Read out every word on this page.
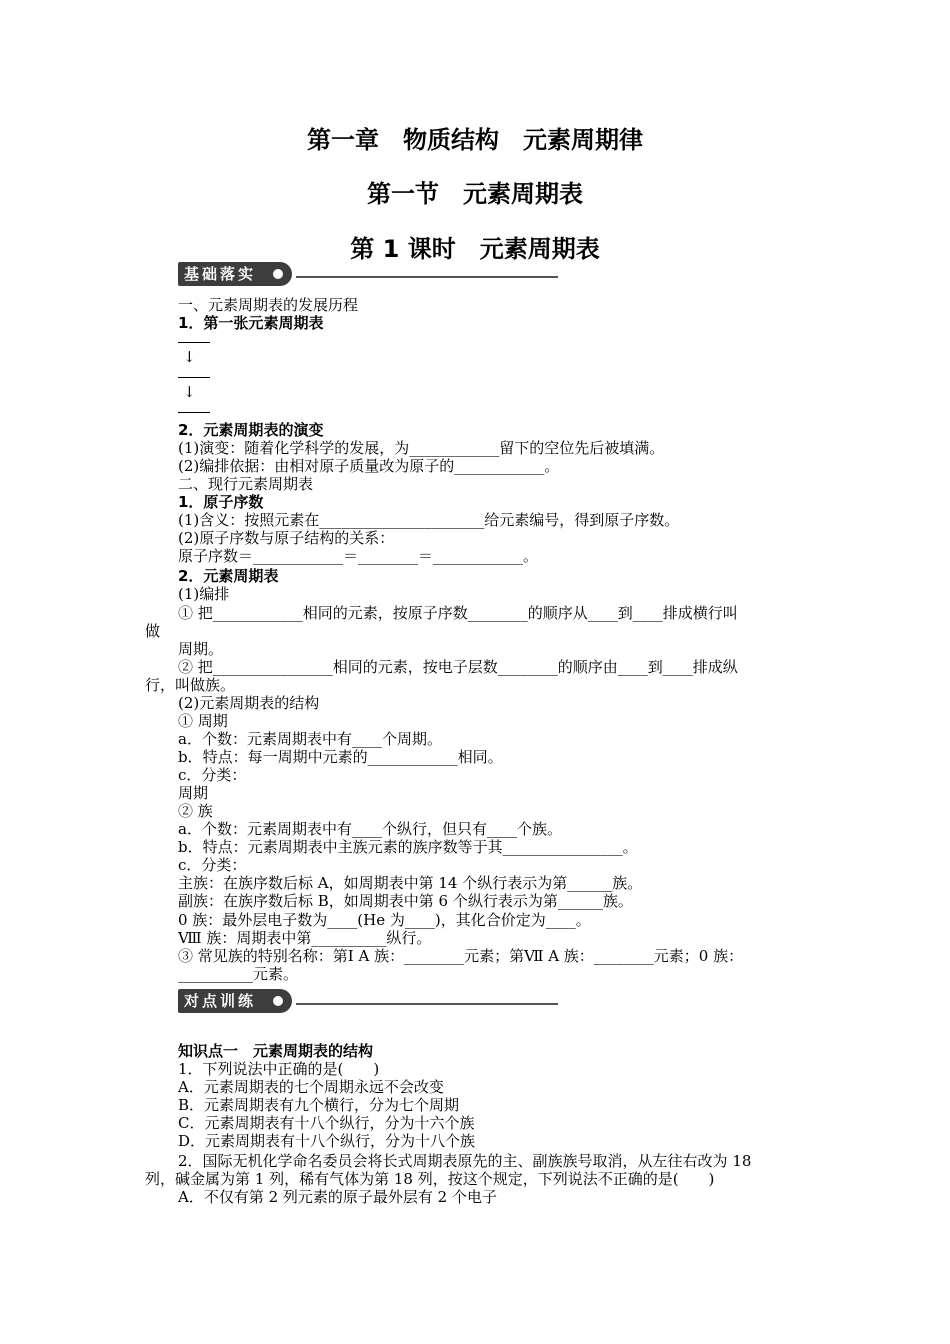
第一章　物质结构　元素周期律
第一节　元素周期表
第 1 课时　元素周期表
基础落实
一、元素周期表的发展历程
1．第一张元素周期表
↓
↓
2．元素周期表的演变
(1)演变：随着化学科学的发展，为____________留下的空位先后被填满。
(2)编排依据：由相对原子质量改为原子的____________。
二、现行元素周期表
1．原子序数
(1)含义：按照元素在______________________给元素编号，得到原子序数。
(2)原子序数与原子结构的关系：
原子序数＝____________＝________＝____________。
2．元素周期表
(1)编排
① 把____________相同的元素，按原子序数________的顺序从____到____排成横行叫
做
周期。
② 把________________相同的元素，按电子层数________的顺序由____到____排成纵
行，叫做族。
(2)元素周期表的结构
① 周期
a．个数：元素周期表中有____个周期。
b．特点：每一周期中元素的____________相同。
c．分类：
周期
② 族
a．个数：元素周期表中有____个纵行，但只有____个族。
b．特点：元素周期表中主族元素的族序数等于其________________。
c．分类：
主族：在族序数后标 A，如周期表中第 14 个纵行表示为第______族。
副族：在族序数后标 B，如周期表中第 6 个纵行表示为第______族。
0 族：最外层电子数为____(He 为____)，其化合价定为____。
Ⅷ 族：周期表中第__________纵行。
③ 常见族的特别名称：第Ⅰ A 族：________元素；第Ⅶ A 族：________元素；0 族：
__________元素。
对点训练
知识点一　元素周期表的结构
1．下列说法中正确的是(　　)
A．元素周期表的七个周期永远不会改变
B．元素周期表有九个横行，分为七个周期
C．元素周期表有十八个纵行，分为十六个族
D．元素周期表有十八个纵行，分为十八个族
2．国际无机化学命名委员会将长式周期表原先的主、副族族号取消，从左往右改为 18
列，碱金属为第 1 列，稀有气体为第 18 列，按这个规定，下列说法不正确的是(　　)
A．不仅有第 2 列元素的原子最外层有 2 个电子
